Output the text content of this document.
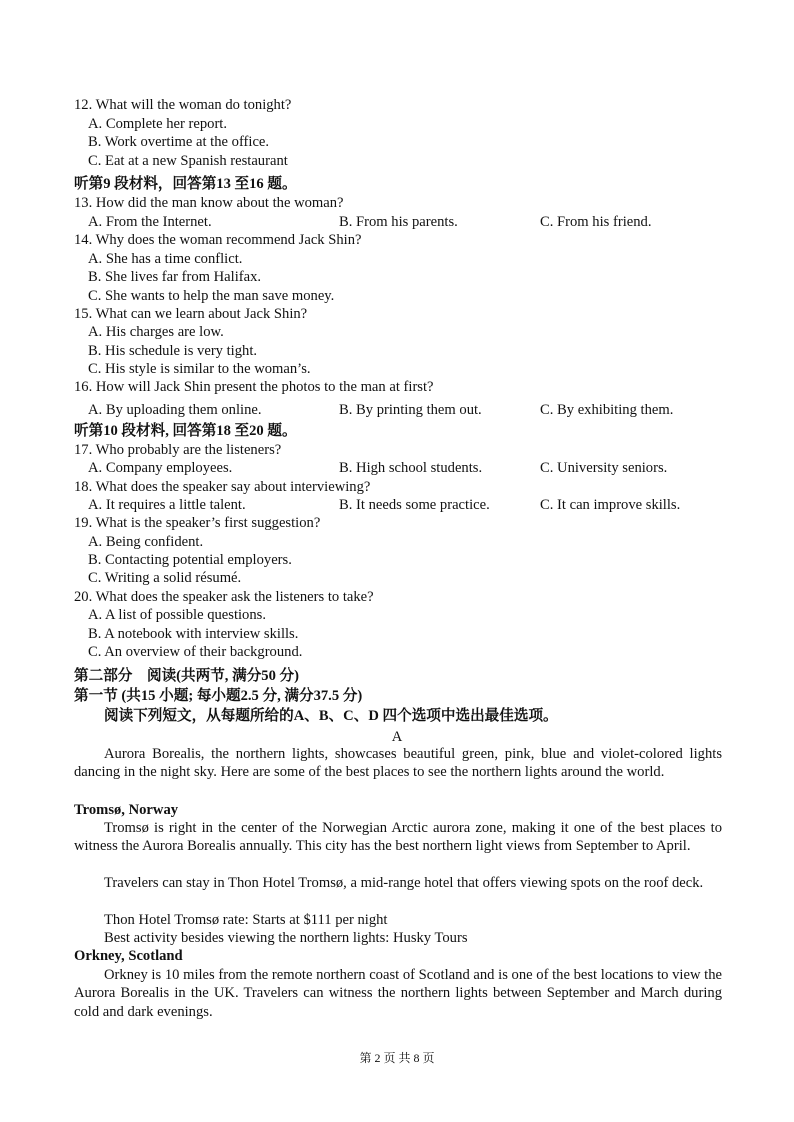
12. What will the woman do tonight?
A. Complete her report.
B. Work overtime at the office.
C. Eat at a new Spanish restaurant
听第9 段材料，回答第13 至16 题。
13. How did the man know about the woman?
A. From the Internet.	B. From his parents.	C. From his friend.
14. Why does the woman recommend Jack Shin?
A. She has a time conflict.
B. She lives far from Halifax.
C. She wants to help the man save money.
15. What can we learn about Jack Shin?
A. His charges are low.
B. His schedule is very tight.
C. His style is similar to the woman’s.
16. How will Jack Shin present the photos to the man at first?
A. By uploading them online.	B. By printing them out.	C. By exhibiting them.
听第10 段材料, 回答第18 至20 题。
17. Who probably are the listeners?
A. Company employees.	B. High school students.	C. University seniors.
18. What does the speaker say about interviewing?
A. It requires a little talent.	B. It needs some practice.	C. It can improve skills.
19. What is the speaker’s first suggestion?
A. Being confident.
B. Contacting potential employers.
C. Writing a solid résumé.
20. What does the speaker ask the listeners to take?
A. A list of possible questions.
B. A notebook with interview skills.
C. An overview of their background.
第二部分　阅读(共两节, 满分50 分)
第一节 (共15 小题; 每小题2.5 分, 满分37.5 分)
阅读下列短文，从每题所给的A、B、C、D 四个选项中选出最佳选项。
A
Aurora Borealis, the northern lights, showcases beautiful green, pink, blue and violet-colored lights dancing in the night sky. Here are some of the best places to see the northern lights around the world.
Tromsø, Norway
Tromsø is right in the center of the Norwegian Arctic aurora zone, making it one of the best places to witness the Aurora Borealis annually. This city has the best northern light views from September to April.
Travelers can stay in Thon Hotel Tromsø, a mid-range hotel that offers viewing spots on the roof deck.
Thon Hotel Tromsø rate: Starts at $111 per night
Best activity besides viewing the northern lights: Husky Tours
Orkney, Scotland
Orkney is 10 miles from the remote northern coast of Scotland and is one of the best locations to view the Aurora Borealis in the UK. Travelers can witness the northern lights between September and March during cold and dark evenings.
第 2 页 共 8 页
